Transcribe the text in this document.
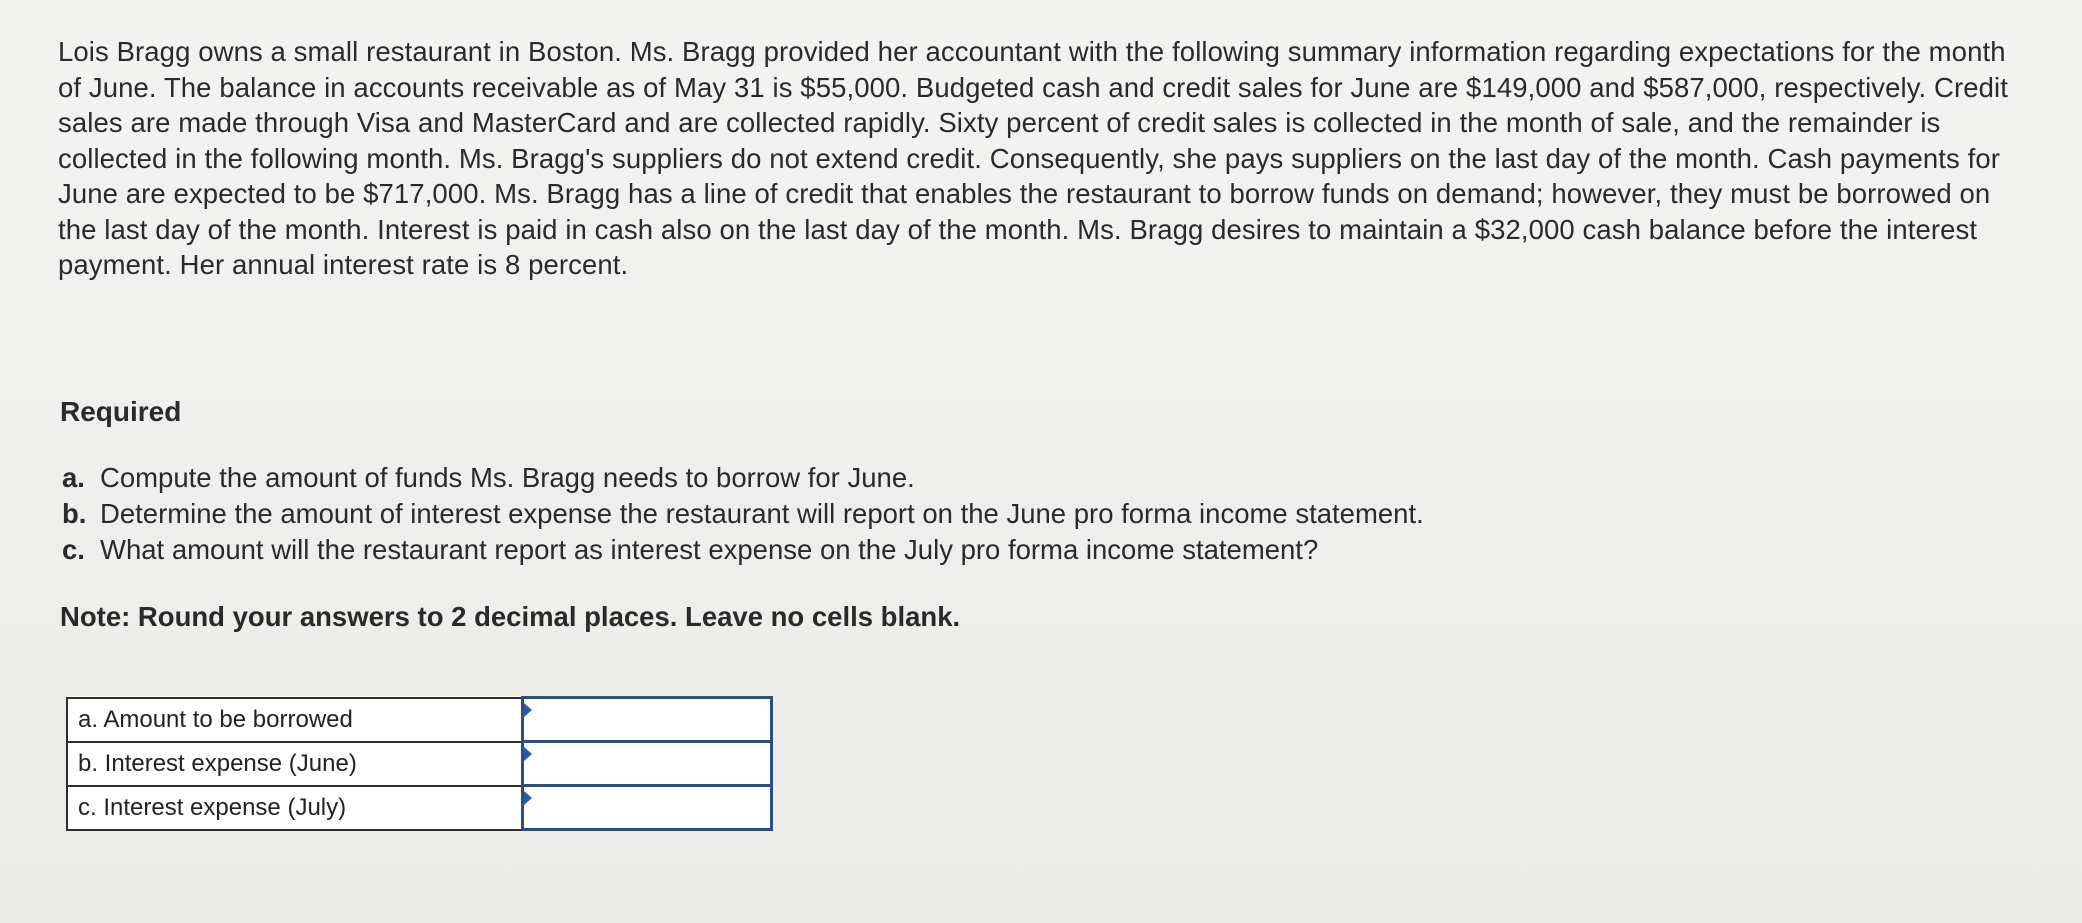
Lois Bragg owns a small restaurant in Boston. Ms. Bragg provided her accountant with the following summary information regarding expectations for the month of June. The balance in accounts receivable as of May 31 is $55,000. Budgeted cash and credit sales for June are $149,000 and $587,000, respectively. Credit sales are made through Visa and MasterCard and are collected rapidly. Sixty percent of credit sales is collected in the month of sale, and the remainder is collected in the following month. Ms. Bragg's suppliers do not extend credit. Consequently, she pays suppliers on the last day of the month. Cash payments for June are expected to be $717,000. Ms. Bragg has a line of credit that enables the restaurant to borrow funds on demand; however, they must be borrowed on the last day of the month. Interest is paid in cash also on the last day of the month. Ms. Bragg desires to maintain a $32,000 cash balance before the interest payment. Her annual interest rate is 8 percent.

Required
a. Compute the amount of funds Ms. Bragg needs to borrow for June.
b. Determine the amount of interest expense the restaurant will report on the June pro forma income statement.
c. What amount will the restaurant report as interest expense on the July pro forma income statement?

Note: Round your answers to 2 decimal places. Leave no cells blank.

a. Amount to be borrowed	

b. Interest expense (June)	

c. Interest expense (July)	
